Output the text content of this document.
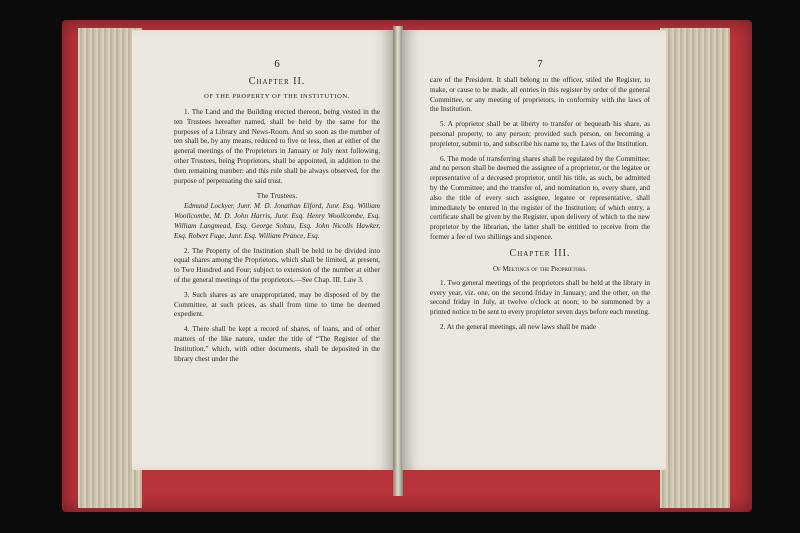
6
Chapter II.
OF THE PROPERTY OF THE INSTITUTION.

1. The Land and the Building erected thereon, being vested in the ten Trustees hereafter named, shall be held by the same for the purposes of a Library and News-Room. And so soon as the number of ten shall be, by any means, reduced to five or less, then at either of the general meetings of the Proprietors in January or July next following, other Trustees, being Proprietors, shall be appointed, in addition to the then remaining number: and this rule shall be always observed, for the purpose of perpetuating the said trust.

The Trustees.

Edmund Lockyer, Junr. M. D. Jonathan Elford, Junr. Esq. William Woollcombe, M. D. John Harris, Junr. Esq. Henry Woollcombe, Esq. William Langmead, Esq. George Soltau, Esq. John Nicolls Hawker, Esq. Robert Fuge, Junr. Esq. William Prance, Esq.

2. The Property of the Institution shall be held to be divided into equal shares among the Proprietors, which shall be limited, at present, to Two Hundred and Four; subject to extension of the number at either of the general meetings of the proprietors.—See Chap. III. Law 3.

3. Such shares as are unappropriated, may be disposed of by the Committee, at such prices, as shall from time to time be deemed expedient.

4. There shall be kept a record of shares, of loans, and of other matters of the like nature, under the title of “The Register of the Institution,” which, with other documents, shall be deposited in the library chest under the

7

care of the President. It shall belong to the officer, stiled the Register, to make, or cause to be made, all entries in this register by order of the general Committee, or any meeting of proprietors, in conformity with the laws of the Institution.

5. A proprietor shall be at liberty to transfer or bequeath his share, as personal property, to any person; provided such person, on becoming a proprietor, submit to, and subscribe his name to, the Laws of the Institution.

6. The mode of transferring shares shall be regulated by the Committee; and no person shall be deemed the assignee of a proprietor, or the legatee or representative of a deceased proprietor, until his title, as such, be admitted by the Committee; and the transfer of, and nomination to, every share, and also the title of every such assignee, legatee or representative, shall immediately be entered in the register of the Institution; of which entry, a certificate shall be given by the Register, upon delivery of which to the new proprietor by the librarian, the latter shall be entitled to receive from the former a fee of two shillings and sixpence.

Chapter III.
Of Meetings of the Proprietors.

1. Two general meetings of the proprietors shall be held at the library in every year, viz. one, on the second friday in January; and the other, on the second friday in July, at twelve o'clock at noon; to be summoned by a printed notice to be sent to every proprietor seven days before each meeting.

2. At the general meetings, all new laws shall be made
